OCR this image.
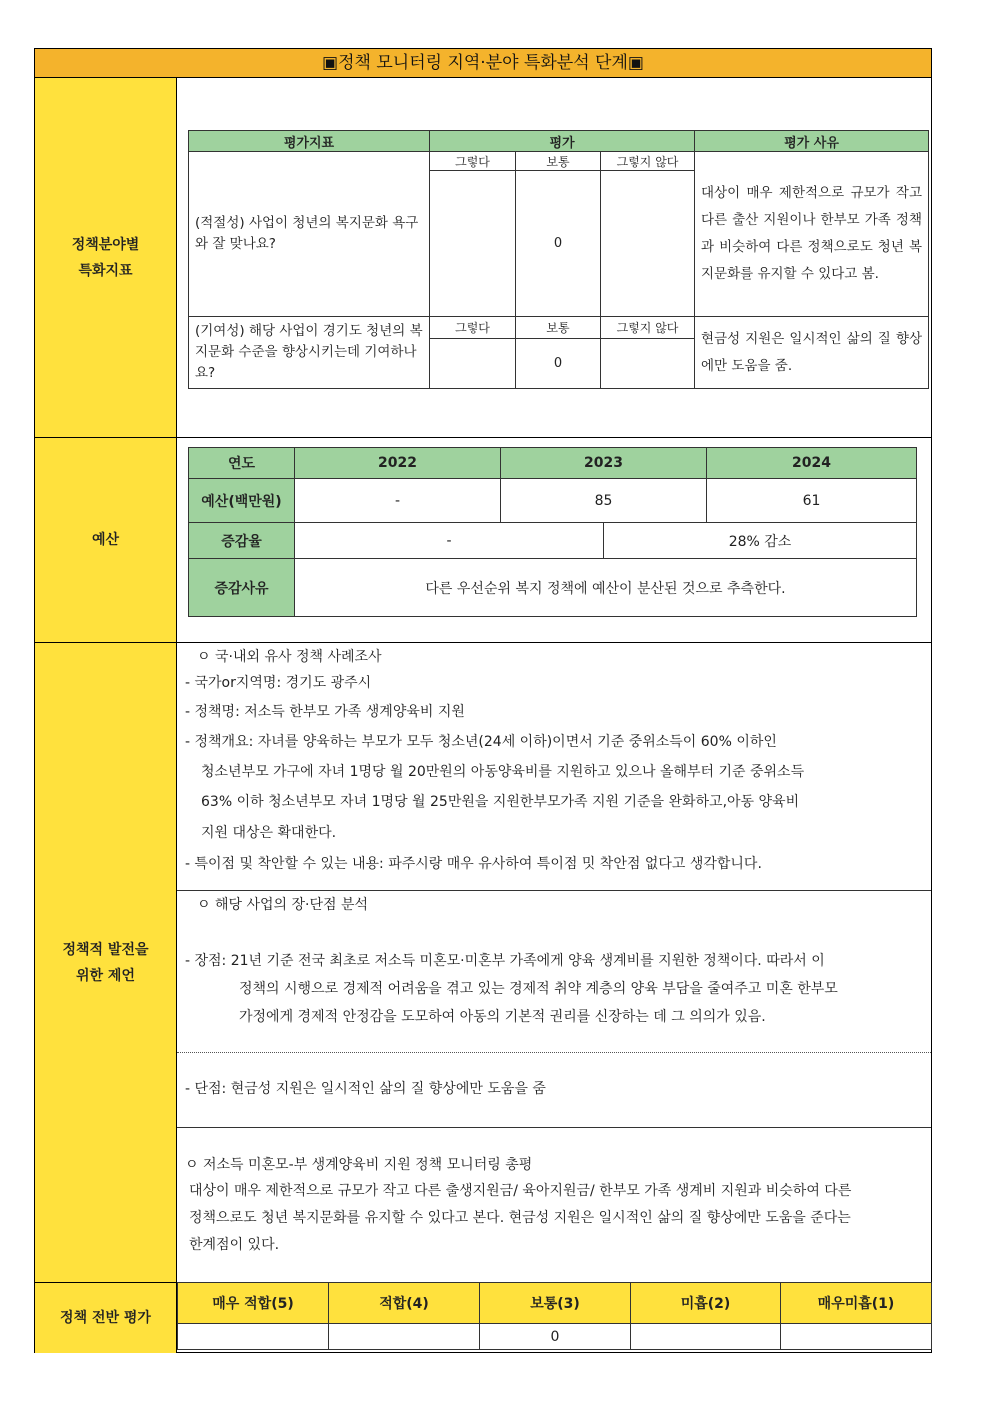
▣정책 모니터링 지역·분야 특화분석 단계▣
정책분야별
특화지표
평가지표	평가			평가 사유
(적절성) 사업이 청년의 복지문화 욕구와 잘 맞나요?	그렇다	보통	그렇지 않다	대상이 매우 제한적으로 규모가 작고 다른 출산 지원이나 한부모 가족 정책과 비슷하여 다른 정책으로도 청년 복지문화를 유지할 수 있다고 봄.
		0		
(기여성) 해당 사업이 경기도 청년의 복지문화 수준을 향상시키는데 기여하나요?	그렇다	보통	그렇지 않다	현금성 지원은 일시적인 삶의 질 향상에만 도움을 줌.
		0		
예산
연도	2022	2023		2024
예산(백만원)	-	85		61
증감율	-		28% 감소	
증감사유	다른 우선순위 복지 정책에 예산이 분산된 것으로 추측한다.			
정책적 발전을
위한 제언
ㅇ 국·내외 유사 정책 사례조사
- 국가or지역명: 경기도 광주시
- 정책명: 저소득 한부모 가족 생계양육비 지원
- 정책개요: 자녀를 양육하는 부모가 모두 청소년(24세 이하)이면서 기준 중위소득이 60% 이하인
청소년부모 가구에 자녀 1명당 월 20만원의 아동양육비를 지원하고 있으나 올해부터 기준 중위소득
63% 이하 청소년부모 자녀 1명당 월 25만원을 지원한부모가족 지원 기준을 완화하고,아동 양육비
지원 대상은 확대한다.
- 특이점 및 착안할 수 있는 내용: 파주시랑 매우 유사하여 특이점 밋 착안점 없다고 생각합니다.
ㅇ 해당 사업의 장·단점 분석
- 장점: 21년 기준 전국 최초로 저소득 미혼모·미혼부 가족에게 양육 생계비를 지원한 정책이다. 따라서 이
정책의 시행으로 경제적 어려움을 겪고 있는 경제적 취약 계층의 양육 부담을 줄여주고 미혼 한부모
가정에게 경제적 안정감을 도모하여 아동의 기본적 권리를 신장하는 데 그 의의가 있음.
- 단점: 현금성 지원은 일시적인 삶의 질 향상에만 도움을 줌
ㅇ 저소득 미혼모-부 생계양육비 지원 정책 모니터링 총평
대상이 매우 제한적으로 규모가 작고 다른 출생지원금/ 육아지원금/ 한부모 가족 생계비 지원과 비슷하여 다른
정책으로도 청년 복지문화를 유지할 수 있다고 본다. 현금성 지원은 일시적인 삶의 질 향상에만 도움을 준다는
한계점이 있다.
정책 전반 평가
매우 적합(5)	적합(4)	보통(3)	미흡(2)	매우미흡(1)
		0		
